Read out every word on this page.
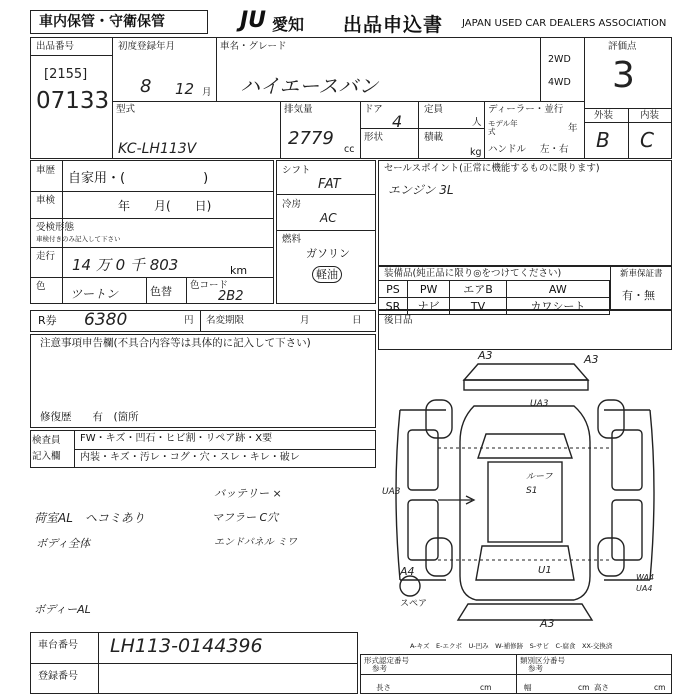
車内保管・守衛保管	JU 愛知 出品申込書 JAPAN USED CAR DEALERS ASSOCIATION
出品番号
[2155]
07133
初度登録年月
8 12 月
車名・グレード
ハイエースバン
2WD
4WD
評価点
3
型式
KC-LH113V
排気量
2779
cc
ドア
4
形状
定員
人
積載
kg
ディーラー・並行
モデル年式	年
ハンドル 左・右
外装	内装
B C
車歴
自家用・(　　　　　　)
車検	年　　月(　　日)
受検形態
車検付きのみ記入して下さい
走行 14 万 0 千 803	km
色
ツートン	色替 色コード
2B2
シフト
FAT
冷房
AC
燃料
ガソリン
軽油
セールスポイント(正常に機能するものに限ります)
エンジン 3L
装備品(純正品に限り◎をつけてください)
PS	PW	エアB	AW
SR	ナビ	TV	カワシート
新車保証書
有・無
R券 6380	円 名変期限	月	日 後日品
注意事項申告欄(不具合内容等は具体的に記入して下さい)
修復歴　　有　(箇所
検査員
記入欄
FW・キズ・凹石・ヒビ割・リペア跡・X要
内装・キズ・汚レ・コグ・穴・スレ・キレ・破レ
荷室AL　ヘコミあり
ボディ全体
バッテリー ×
マフラー C穴
エンドパネル ミワ
ボディーAL
A3	A3
UA3
ルーフ
S1
UA3
A4
スペア
U1
WA4
UA4
A3
A-キズ　E-エクボ　U-凹み　W-補修跡　S-サビ　C-腐食　XX-交換済
車台番号 LH113-0144396
登録番号
形式認定番号
参考
類別区分番号
参考
長さ	cm	幅	cm 高さ	cm
